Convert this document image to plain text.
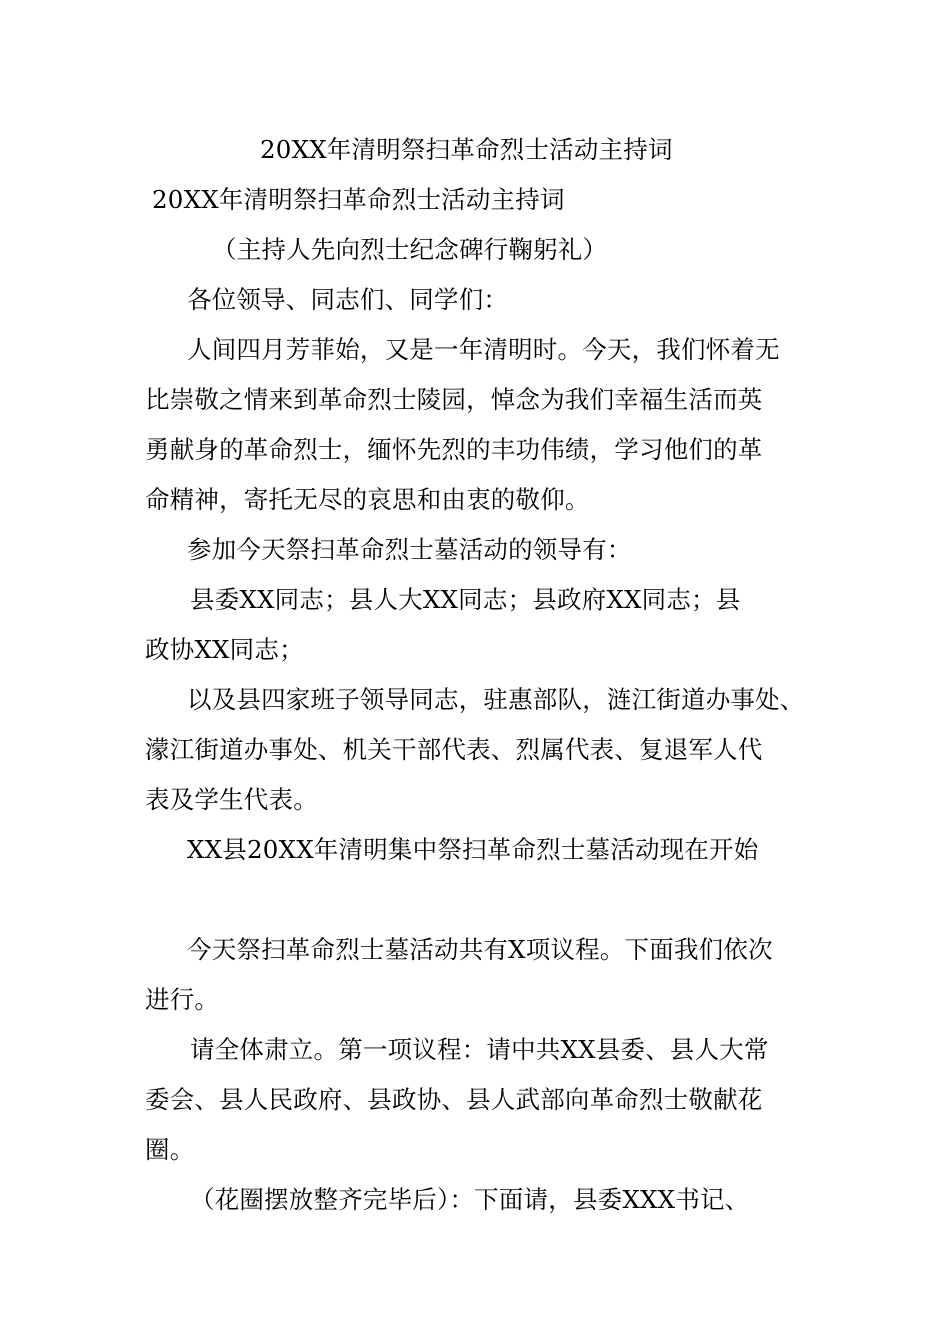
20XX年清明祭扫革命烈士活动主持词
20XX年清明祭扫革命烈士活动主持词
（主持人先向烈士纪念碑行鞠躬礼）
各位领导、同志们、同学们：
人间四月芳菲始，又是一年清明时。今天，我们怀着无
比崇敬之情来到革命烈士陵园，悼念为我们幸福生活而英
勇献身的革命烈士，缅怀先烈的丰功伟绩，学习他们的革
命精神，寄托无尽的哀思和由衷的敬仰。
参加今天祭扫革命烈士墓活动的领导有：
县委XX同志；县人大XX同志；县政府XX同志；县
政协XX同志；
以及县四家班子领导同志，驻惠部队，涟江街道办事处、
濛江街道办事处、机关干部代表、烈属代表、复退军人代
表及学生代表。
XX县20XX年清明集中祭扫革命烈士墓活动现在开始
今天祭扫革命烈士墓活动共有X项议程。下面我们依次
进行。
请全体肃立。第一项议程：请中共XX县委、县人大常
委会、县人民政府、县政协、县人武部向革命烈士敬献花
圈。
（花圈摆放整齐完毕后）：下面请，县委XXX书记、
